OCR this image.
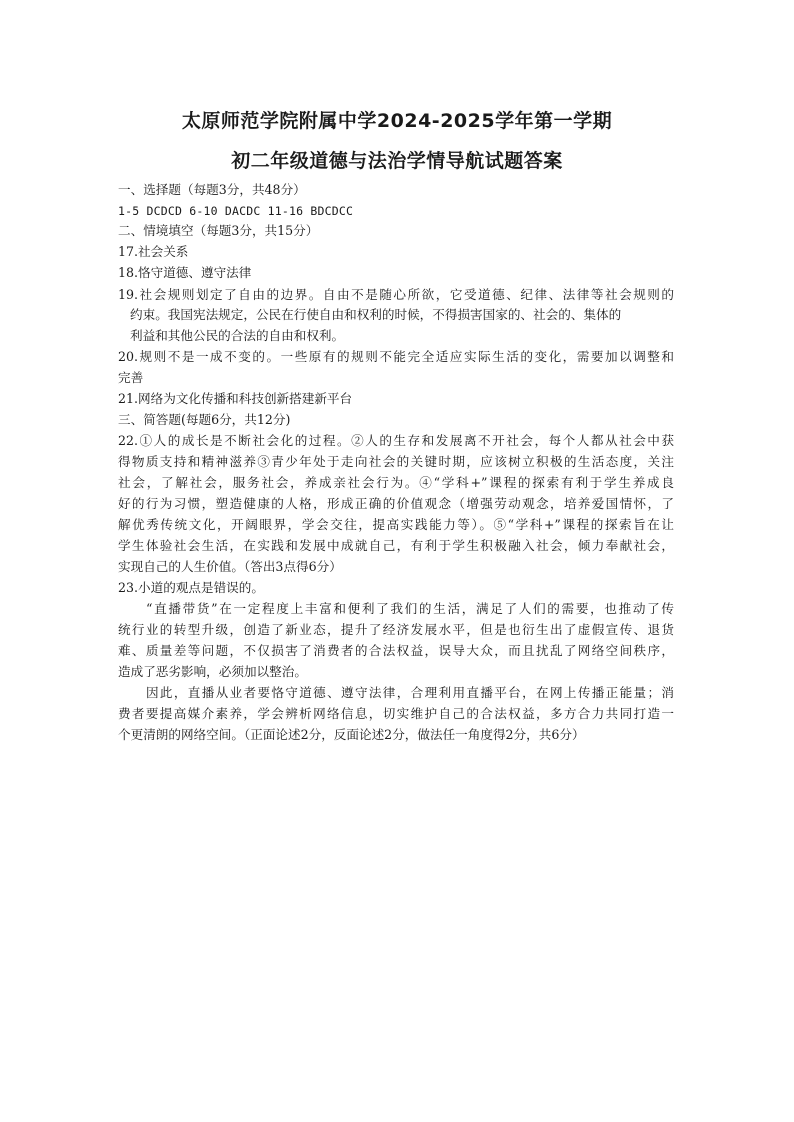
太原师范学院附属中学2024-2025学年第一学期
初二年级道德与法治学情导航试题答案
一、选择题（每题3分，共48分）
1-5 DCDCD 6-10 DACDC 11-16 BDCDCC
二、情境填空（每题3分，共15分）
17.社会关系
18.恪守道德、遵守法律
19.社会规则划定了自由的边界。自由不是随心所欲，它受道德、纪律、法律等社会规则的
约束。我国宪法规定，公民在行使自由和权利的时候，不得损害国家的、社会的、集体的
利益和其他公民的合法的自由和权利。
20.规则不是一成不变的。一些原有的规则不能完全适应实际生活的变化，需要加以调整和
完善
21.网络为文化传播和科技创新搭建新平台
三、简答题(每题6分，共12分)
22.①人的成长是不断社会化的过程。②人的生存和发展离不开社会，每个人都从社会中获
得物质支持和精神滋养③青少年处于走向社会的关键时期，应该树立积极的生活态度，关注
社会，了解社会，服务社会，养成亲社会行为。④“学科+”课程的探索有利于学生养成良
好的行为习惯，塑造健康的人格，形成正确的价值观念（增强劳动观念，培养爱国情怀，了
解优秀传统文化，开阔眼界，学会交往，提高实践能力等）。⑤“学科+”课程的探索旨在让
学生体验社会生活，在实践和发展中成就自己，有利于学生积极融入社会，倾力奉献社会，
实现自己的人生价值。（答出3点得6分）
23.小道的观点是错误的。
“直播带货”在一定程度上丰富和便利了我们的生活，满足了人们的需要，也推动了传
统行业的转型升级，创造了新业态，提升了经济发展水平，但是也衍生出了虚假宣传、退货
难、质量差等问题，不仅损害了消费者的合法权益，误导大众，而且扰乱了网络空间秩序，
造成了恶劣影响，必须加以整治。
因此，直播从业者要恪守道德、遵守法律，合理利用直播平台，在网上传播正能量；消
费者要提高媒介素养，学会辨析网络信息，切实维护自己的合法权益，多方合力共同打造一
个更清朗的网络空间。（正面论述2分，反面论述2分，做法任一角度得2分，共6分）
